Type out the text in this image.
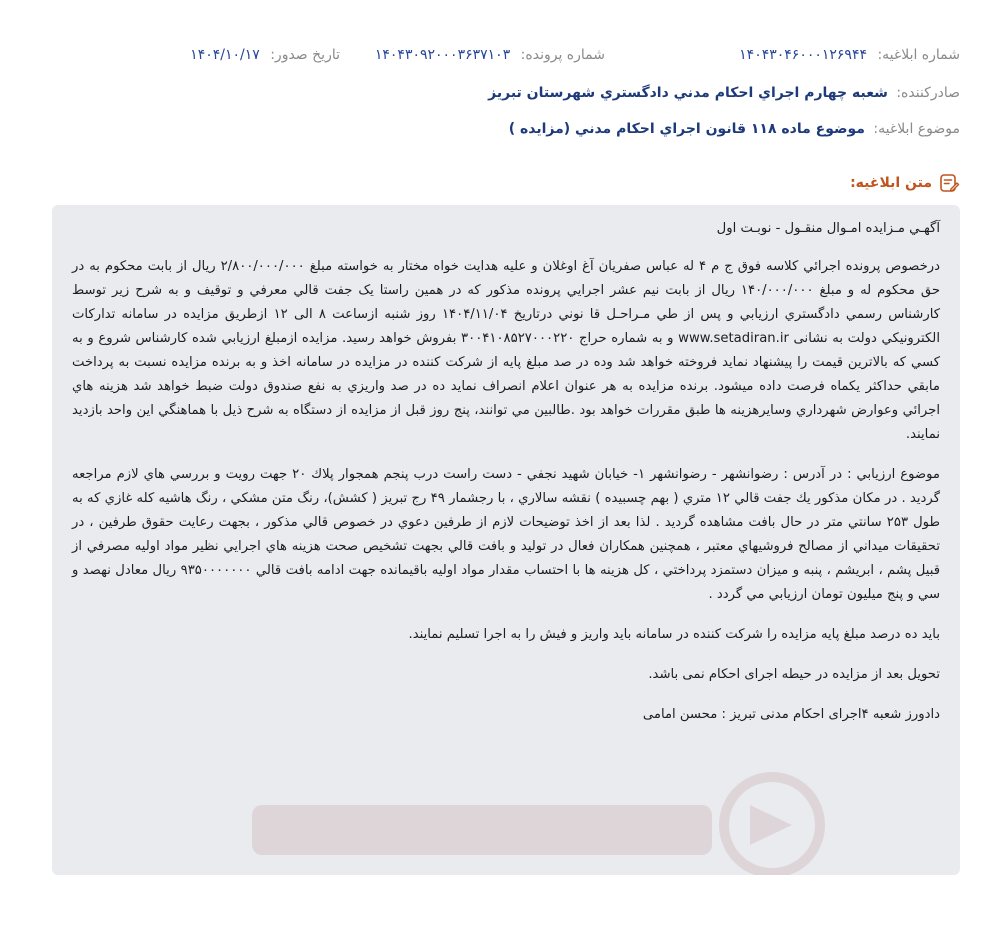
شماره ابلاغيه: ۱۴۰۴۳۰۴۶۰۰۰۱۲۶۹۴۴
شماره پرونده: ۱۴۰۴۳۰۹۲۰۰۰۳۶۳۷۱۰۳
تاريخ صدور: ۱۴۰۴/۱۰/۱۷
صادرکننده: شعبه چهارم اجراي احکام مدني دادگستري شهرستان تبريز
موضوع ابلاغيه: موضوع ماده ۱۱۸ قانون اجراي احکام مدني (مزايده )
متن ابلاغيه:

آگهـي مـزايده امـوال منقـول - نوبـت اول

درخصوص پرونده اجرائي كلاسه فوق ج م ۴ له عباس صفريان آغ اوغلان و عليه هدايت خواه مختار به خواسته مبلغ ۲/۸۰۰/۰۰۰/۰۰۰ ريال از بابت محكوم به در حق محكوم له و مبلغ ۱۴۰/۰۰۰/۰۰۰ ريال از بابت نيم عشر اجرايي پرونده مذكور که در همين راستا يک جفت قالي معرفي و توقيف و به شرح زير توسط كارشناس رسمي دادگستري ارزيابي و پس از طي مـراحـل قا نوني درتاريخ ۱۴۰۴/۱۱/۰۴ روز شنبه ازساعت ۸ الی ۱۲ ازطريق مزايده در سامانه تداركات الكترونيكي دولت به نشانی www.setadiran.ir و به شماره حراج ۳۰۰۴۱۰۸۵۲۷۰۰۰۲۲۰ بفروش خواهد رسيد. مزايده ازمبلغ ارزيابي شده كارشناس شروع و به كسي كه بالاترين قيمت را پيشنهاد نمايد فروخته خواهد شد وده در صد مبلغ پايه از شرکت کننده در مزايده در سامانه اخذ و به برنده مزايده نسبت به پرداخت مابقي حداكثر يكماه فرصت داده ميشود. برنده مزايده به هر عنوان اعلام انصراف نمايد ده در صد واريزي به نفع صندوق دولت ضبط خواهد شد هزينه هاي اجرائي وعوارض شهرداري وسايرهزينه ها طبق مقررات خواهد بود .طالبين مي توانند، پنج روز قبل از مزايده از دستگاه به شرح ذيل با هماهنگي اين واحد بازديد نمايند.

موضوع ارزيابي : در آدرس : رضوانشهر - رضوانشهر ۱- خيابان شهيد نجفي - دست راست درب پنجم همجوار پلاك ۲۰ جهت رويت و بررسي هاي لازم مراجعه گرديد . در مكان مذكور يك جفت قالي ۱۲ متري ( بهم چسبيده ) نقشه سالاري ، با رجشمار ۴۹ رج تبريز ( كشش)، رنگ متن مشكي ، رنگ هاشيه كله غازي كه به طول ۲۵۳ سانتي متر در حال بافت مشاهده گرديد . لذا بعد از اخذ توضيحات لازم از طرفين دعوي در خصوص قالي مذكور ، بجهت رعايت حقوق طرفين ، در تحقيقات ميداني از مصالح فروشيهاي معتبر ، همچنين همكاران فعال در توليد و بافت قالي بجهت تشخيص صحت هزينه هاي اجرايي نظير مواد اوليه مصرفي از قبيل پشم ، ابريشم ، پنبه و ميزان دستمزد پرداختي ، كل هزينه ها با احتساب مقدار مواد اوليه باقيمانده جهت ادامه بافت قالي ۹۳۵۰۰۰۰۰۰۰ ريال معادل نهصد و سي و پنج ميليون تومان ارزيابي مي گردد .

باید ده درصد مبلغ پایه مزایده را شرکت کننده در سامانه باید واریز و فیش را به اجرا تسلیم نمایند.

تحویل بعد از مزایده در حیطه اجرای احکام نمی باشد.

دادورز شعبه ۴اجرای احکام مدنی تبریز : محسن امامی
